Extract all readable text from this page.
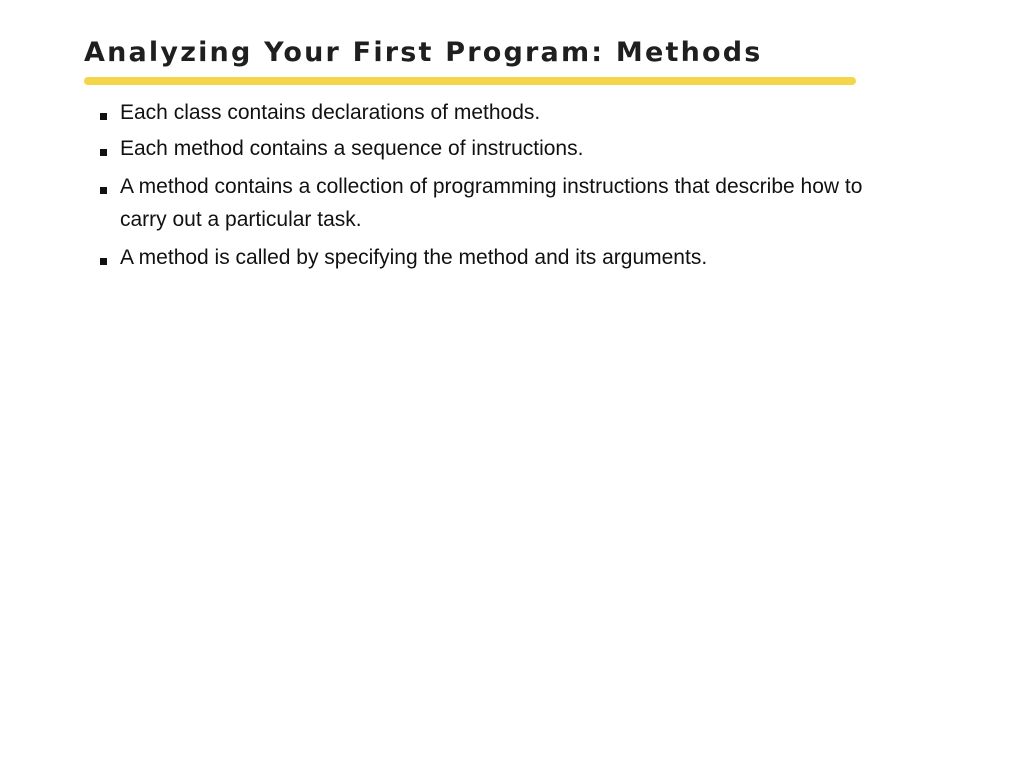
Analyzing Your First Program: Methods
Each class contains declarations of methods.
Each method contains a sequence of instructions.
A method contains a collection of programming instructions that describe how to carry out a particular task.
A method is called by specifying the method and its arguments.
